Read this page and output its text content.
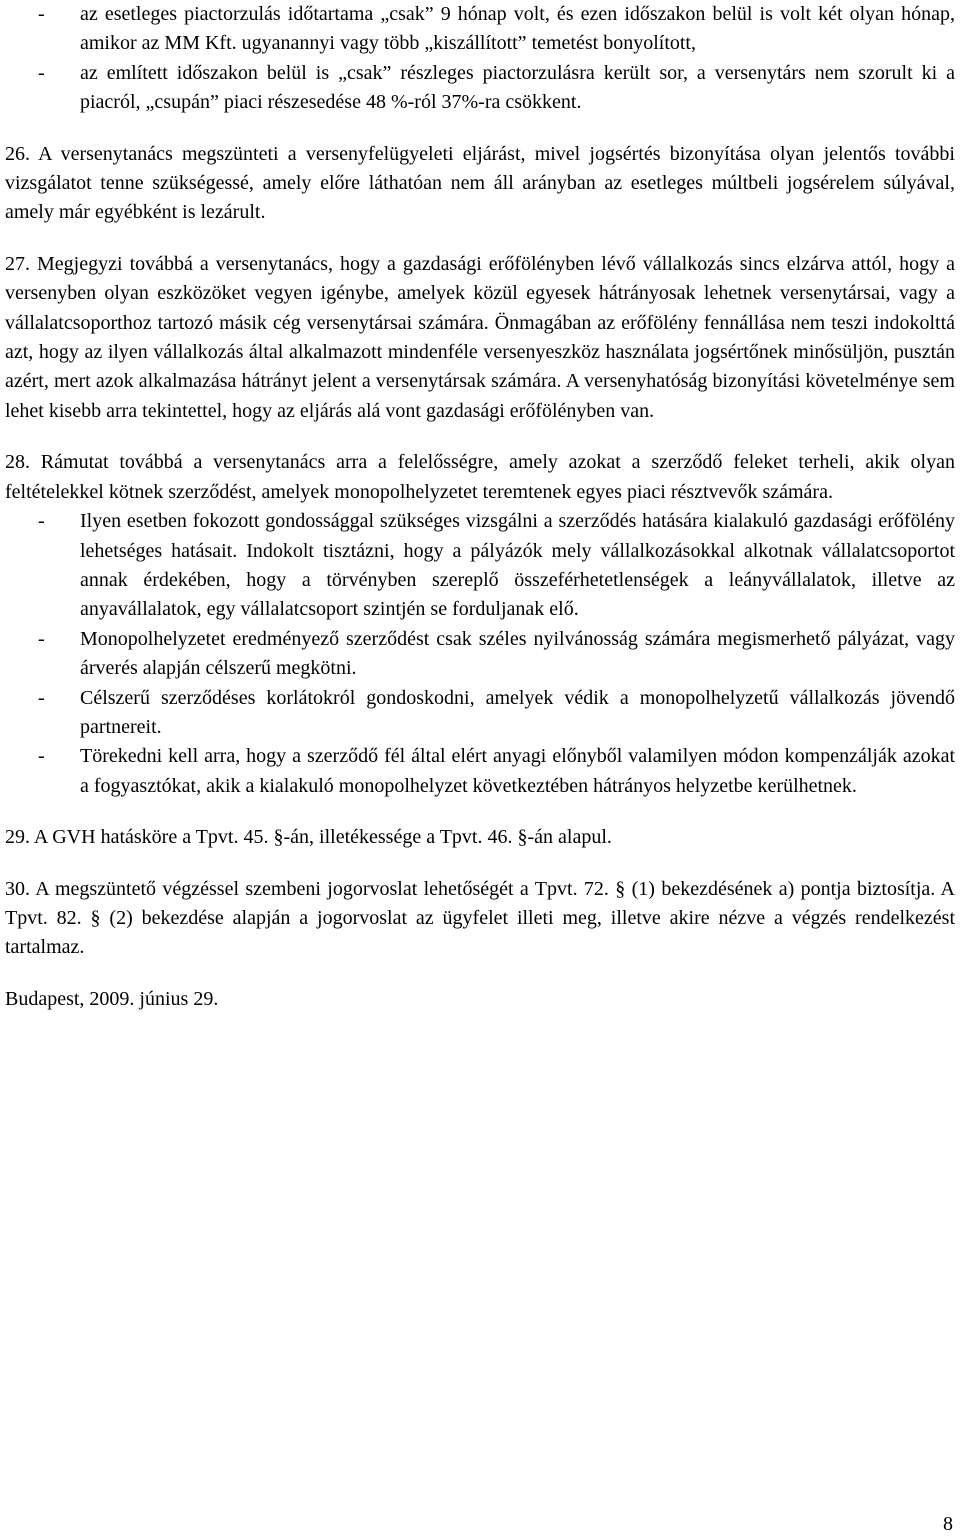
- az esetleges piactorzulás időtartama „csak” 9 hónap volt, és ezen időszakon belül is volt két olyan hónap, amikor az MM Kft. ugyanannyi vagy több „kiszállított” temetést bonyolított,
- az említett időszakon belül is „csak” részleges piactorzulásra került sor, a versenytárs nem szorult ki a piacról, „csupán” piaci részesedése 48 %-ról 37%-ra csökkent.

26. A versenytanács megszünteti a versenyfelügyeleti eljárást, mivel jogsértés bizonyítása olyan jelentős további vizsgálatot tenne szükségessé, amely előre láthatóan nem áll arányban az esetleges múltbeli jogsérelem súlyával, amely már egyébként is lezárult.

27. Megjegyzi továbbá a versenytanács, hogy a gazdasági erőfölényben lévő vállalkozás sincs elzárva attól, hogy a versenyben olyan eszközöket vegyen igénybe, amelyek közül egyesek hátrányosak lehetnek versenytársai, vagy a vállalatcsoporthoz tartozó másik cég versenytársai számára. Önmagában az erőfölény fennállása nem teszi indokolttá azt, hogy az ilyen vállalkozás által alkalmazott mindenféle versenyeszköz használata jogsértőnek minősüljön, pusztán azért, mert azok alkalmazása hátrányt jelent a versenytársak számára. A versenyhatóság bizonyítási követelménye sem lehet kisebb arra tekintettel, hogy az eljárás alá vont gazdasági erőfölényben van.

28. Rámutat továbbá a versenytanács arra a felelősségre, amely azokat a szerződő feleket terheli, akik olyan feltételekkel kötnek szerződést, amelyek monopolhelyzetet teremtenek egyes piaci résztvevők számára.

- Ilyen esetben fokozott gondossággal szükséges vizsgálni a szerződés hatására kialakuló gazdasági erőfölény lehetséges hatásait. Indokolt tisztázni, hogy a pályázók mely vállalkozásokkal alkotnak vállalatcsoportot annak érdekében, hogy a törvényben szereplő összeférhetetlenségek a leányvállalatok, illetve az anyavállalatok, egy vállalatcsoport szintjén se forduljanak elő.
- Monopolhelyzetet eredményező szerződést csak széles nyilvánosság számára megismerhető pályázat, vagy árverés alapján célszerű megkötni.
- Célszerű szerződéses korlátokról gondoskodni, amelyek védik a monopolhelyzetű vállalkozás jövendő partnereit.
- Törekedni kell arra, hogy a szerződő fél által elért anyagi előnyből valamilyen módon kompenzálják azokat a fogyasztókat, akik a kialakuló monopolhelyzet következtében hátrányos helyzetbe kerülhetnek.

29. A GVH hatásköre a Tpvt. 45. §-án, illetékessége a Tpvt. 46. §-án alapul.

30. A megszüntető végzéssel szembeni jogorvoslat lehetőségét a Tpvt. 72. § (1) bekezdésének a) pontja biztosítja. A Tpvt. 82. § (2) bekezdése alapján a jogorvoslat az ügyfelet illeti meg, illetve akire nézve a végzés rendelkezést tartalmaz.

Budapest, 2009. június 29.

8
